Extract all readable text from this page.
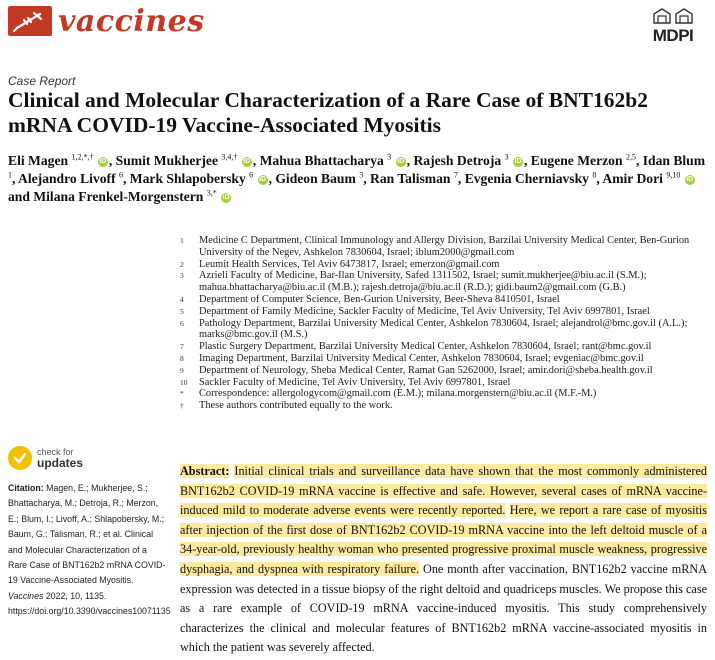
vaccines	MDPI
Case Report
Clinical and Molecular Characterization of a Rare Case of BNT162b2 mRNA COVID-19 Vaccine-Associated Myositis
Eli Magen $^{1,2,*,\dagger}$ iD , Sumit Mukherjee $^{3,4,\dagger}$ iD , Mahua Bhattacharya $^3$ iD , Rajesh Detroja $^3$ iD , Eugene Merzon $^{2,5}$, Idan Blum $^1$, Alejandro Livoff $^6$, Mark Shlapobersky $^6$ iD , Gideon Baum $^3$, Ran Talisman $^7$, Evgenia Cherniavsky $^8$, Amir Dori $^{9,10}$ iD and Milana Frenkel-Morgenstern $^{3,*}$ iD
1	Medicine C Department, Clinical Immunology and Allergy Division, Barzilai University Medical Center, Ben-Gurion University of the Negev, Ashkelon 7830604, Israel; iblum2000@gmail.com
2	Leumit Health Services, Tel Aviv 6473817, Israel; emerzon@gmail.com
3	Azrieli Faculty of Medicine, Bar-Ilan University, Safed 1311502, Israel; sumit.mukherjee@biu.ac.il (S.M.); mahua.bhattacharya@biu.ac.il (M.B.); rajesh.detroja@biu.ac.il (R.D.); gidi.baum2@gmail.com (G.B.)
4	Department of Computer Science, Ben-Gurion University, Beer-Sheva 8410501, Israel
5	Department of Family Medicine, Sackler Faculty of Medicine, Tel Aviv University, Tel Aviv 6997801, Israel
6	Pathology Department, Barzilai University Medical Center, Ashkelon 7830604, Israel; alejandrol@bmc.gov.il (A.L.); marks@bmc.gov.il (M.S.)
7	Plastic Surgery Department, Barzilai University Medical Center, Ashkelon 7830604, Israel; rant@bmc.gov.il
8	Imaging Department, Barzilai University Medical Center, Ashkelon 7830604, Israel; evgeniac@bmc.gov.il
9	Department of Neurology, Sheba Medical Center, Ramat Gan 5262000, Israel; amir.dori@sheba.health.gov.il
10	Sackler Faculty of Medicine, Tel Aviv University, Tel Aviv 6997801, Israel
*	Correspondence: allergologycom@gmail.com (E.M.); milana.morgenstern@biu.ac.il (M.F.-M.)
†	These authors contributed equally to the work.
check for
updates
Citation: Magen, E.; Mukherjee, S.; Bhattacharya, M.; Detroja, R.; Merzon, E.; Blum, I.; Livoff, A.; Shlapobersky, M.; Baum, G.; Talisman, R.; et al. Clinical and Molecular Characterization of a Rare Case of BNT162b2 mRNA COVID-19 Vaccine-Associated Myositis. Vaccines 2022, 10, 1135. https://doi.org/10.3390/vaccines10071135
Abstract: Initial clinical trials and surveillance data have shown that the most commonly administered BNT162b2 COVID-19 mRNA vaccine is effective and safe. However, several cases of mRNA vaccine-induced mild to moderate adverse events were recently reported. Here, we report a rare case of myositis after injection of the first dose of BNT162b2 COVID-19 mRNA vaccine into the left deltoid muscle of a 34-year-old, previously healthy woman who presented progressive proximal muscle weakness, progressive dysphagia, and dyspnea with respiratory failure. One month after vaccination, BNT162b2 vaccine mRNA expression was detected in a tissue biopsy of the right deltoid and quadriceps muscles. We propose this case as a rare example of COVID-19 mRNA vaccine-induced myositis. This study comprehensively characterizes the clinical and molecular features of BNT162b2 mRNA vaccine-associated myositis in which the patient was severely affected.
